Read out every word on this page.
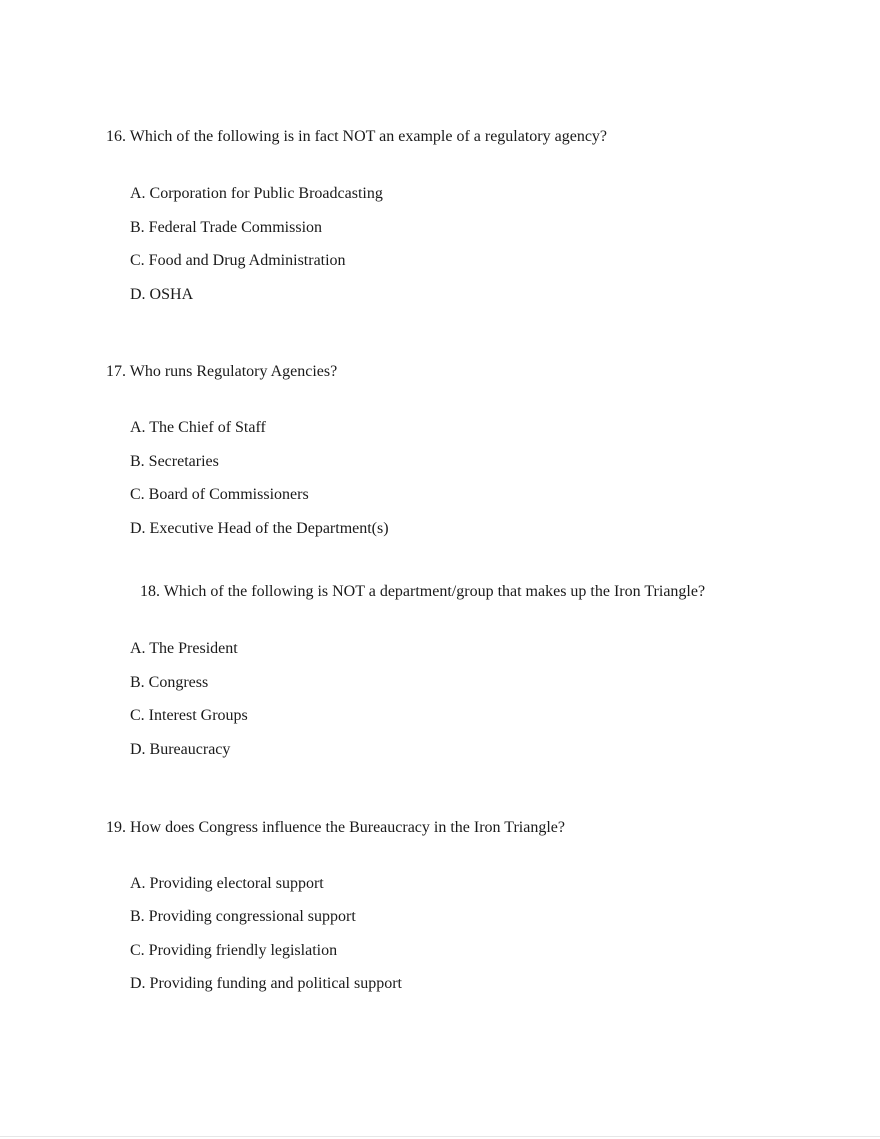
16. Which of the following is in fact NOT an example of a regulatory agency?
A. Corporation for Public Broadcasting
B. Federal Trade Commission
C. Food and Drug Administration
D. OSHA
17. Who runs Regulatory Agencies?
A. The Chief of Staff
B. Secretaries
C. Board of Commissioners
D. Executive Head of the Department(s)
18. Which of the following is NOT a department/group that makes up the Iron Triangle?
A. The President
B. Congress
C. Interest Groups
D. Bureaucracy
19. How does Congress influence the Bureaucracy in the Iron Triangle?
A. Providing electoral support
B. Providing congressional support
C. Providing friendly legislation
D. Providing funding and political support
